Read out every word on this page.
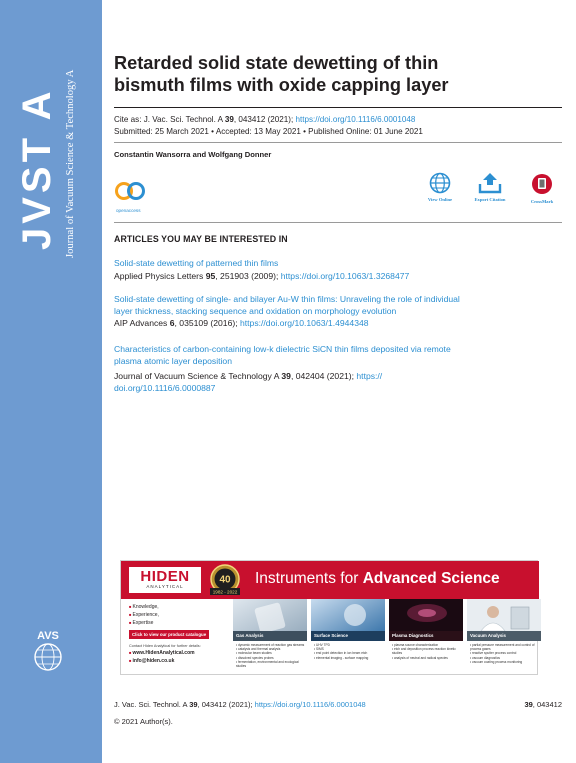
JVST A Journal of Vacuum Science & Technology A
AVS
Retarded solid state dewetting of thin
bismuth films with oxide capping layer
Cite as: J. Vac. Sci. Technol. A 39, 043412 (2021); https://doi.org/10.1116/6.0001048
Submitted: 25 March 2021 • Accepted: 13 May 2021 • Published Online: 01 June 2021
Constantin Wansorra and Wolfgang Donner
openaccess
View Online	Export Citation	CrossMark
ARTICLES YOU MAY BE INTERESTED IN
Solid-state dewetting of patterned thin films
Applied Physics Letters 95, 251903 (2009); https://doi.org/10.1063/1.3268477
Solid-state dewetting of single- and bilayer Au-W thin films: Unraveling the role of individual
layer thickness, stacking sequence and oxidation on morphology evolution
AIP Advances 6, 035109 (2016); https://doi.org/10.1063/1.4944348
Characteristics of carbon-containing low-k dielectric SiCN thin films deposited via remote
plasma atomic layer deposition
Journal of Vacuum Science & Technology A 39, 042404 (2021); https://
doi.org/10.1116/6.0000887
HIDEN
ANALYTICAL
40
1982 - 2022
Instruments for Advanced Science
■ Knowledge,
■ Experience,
■ Expertise
Click to view our product catalogue
Contact Hiden Analytical for further details:
■ www.HidenAnalytical.com
■ info@hiden.co.uk
Gas Analysis
• dynamic measurement of reaction gas streams
• catalysis and thermal analysis
• molecular beam studies
• dissolved species probes
• fermentation, environmental and ecological studies
Surface Science
• UHV TPD
• SIMS
• end point detection in ion beam etch
• elemental imaging - surface mapping
Plasma Diagnostics
• plasma source characterization
• etch and deposition process reaction kinetic studies
• analysis of neutral and radical species
Vacuum Analysis
• partial pressure measurement and control of process gases
• reactive sputter process control
• vacuum diagnostics
• vacuum coating process monitoring
J. Vac. Sci. Technol. A 39, 043412 (2021); https://doi.org/10.1116/6.0001048	39, 043412
© 2021 Author(s).
